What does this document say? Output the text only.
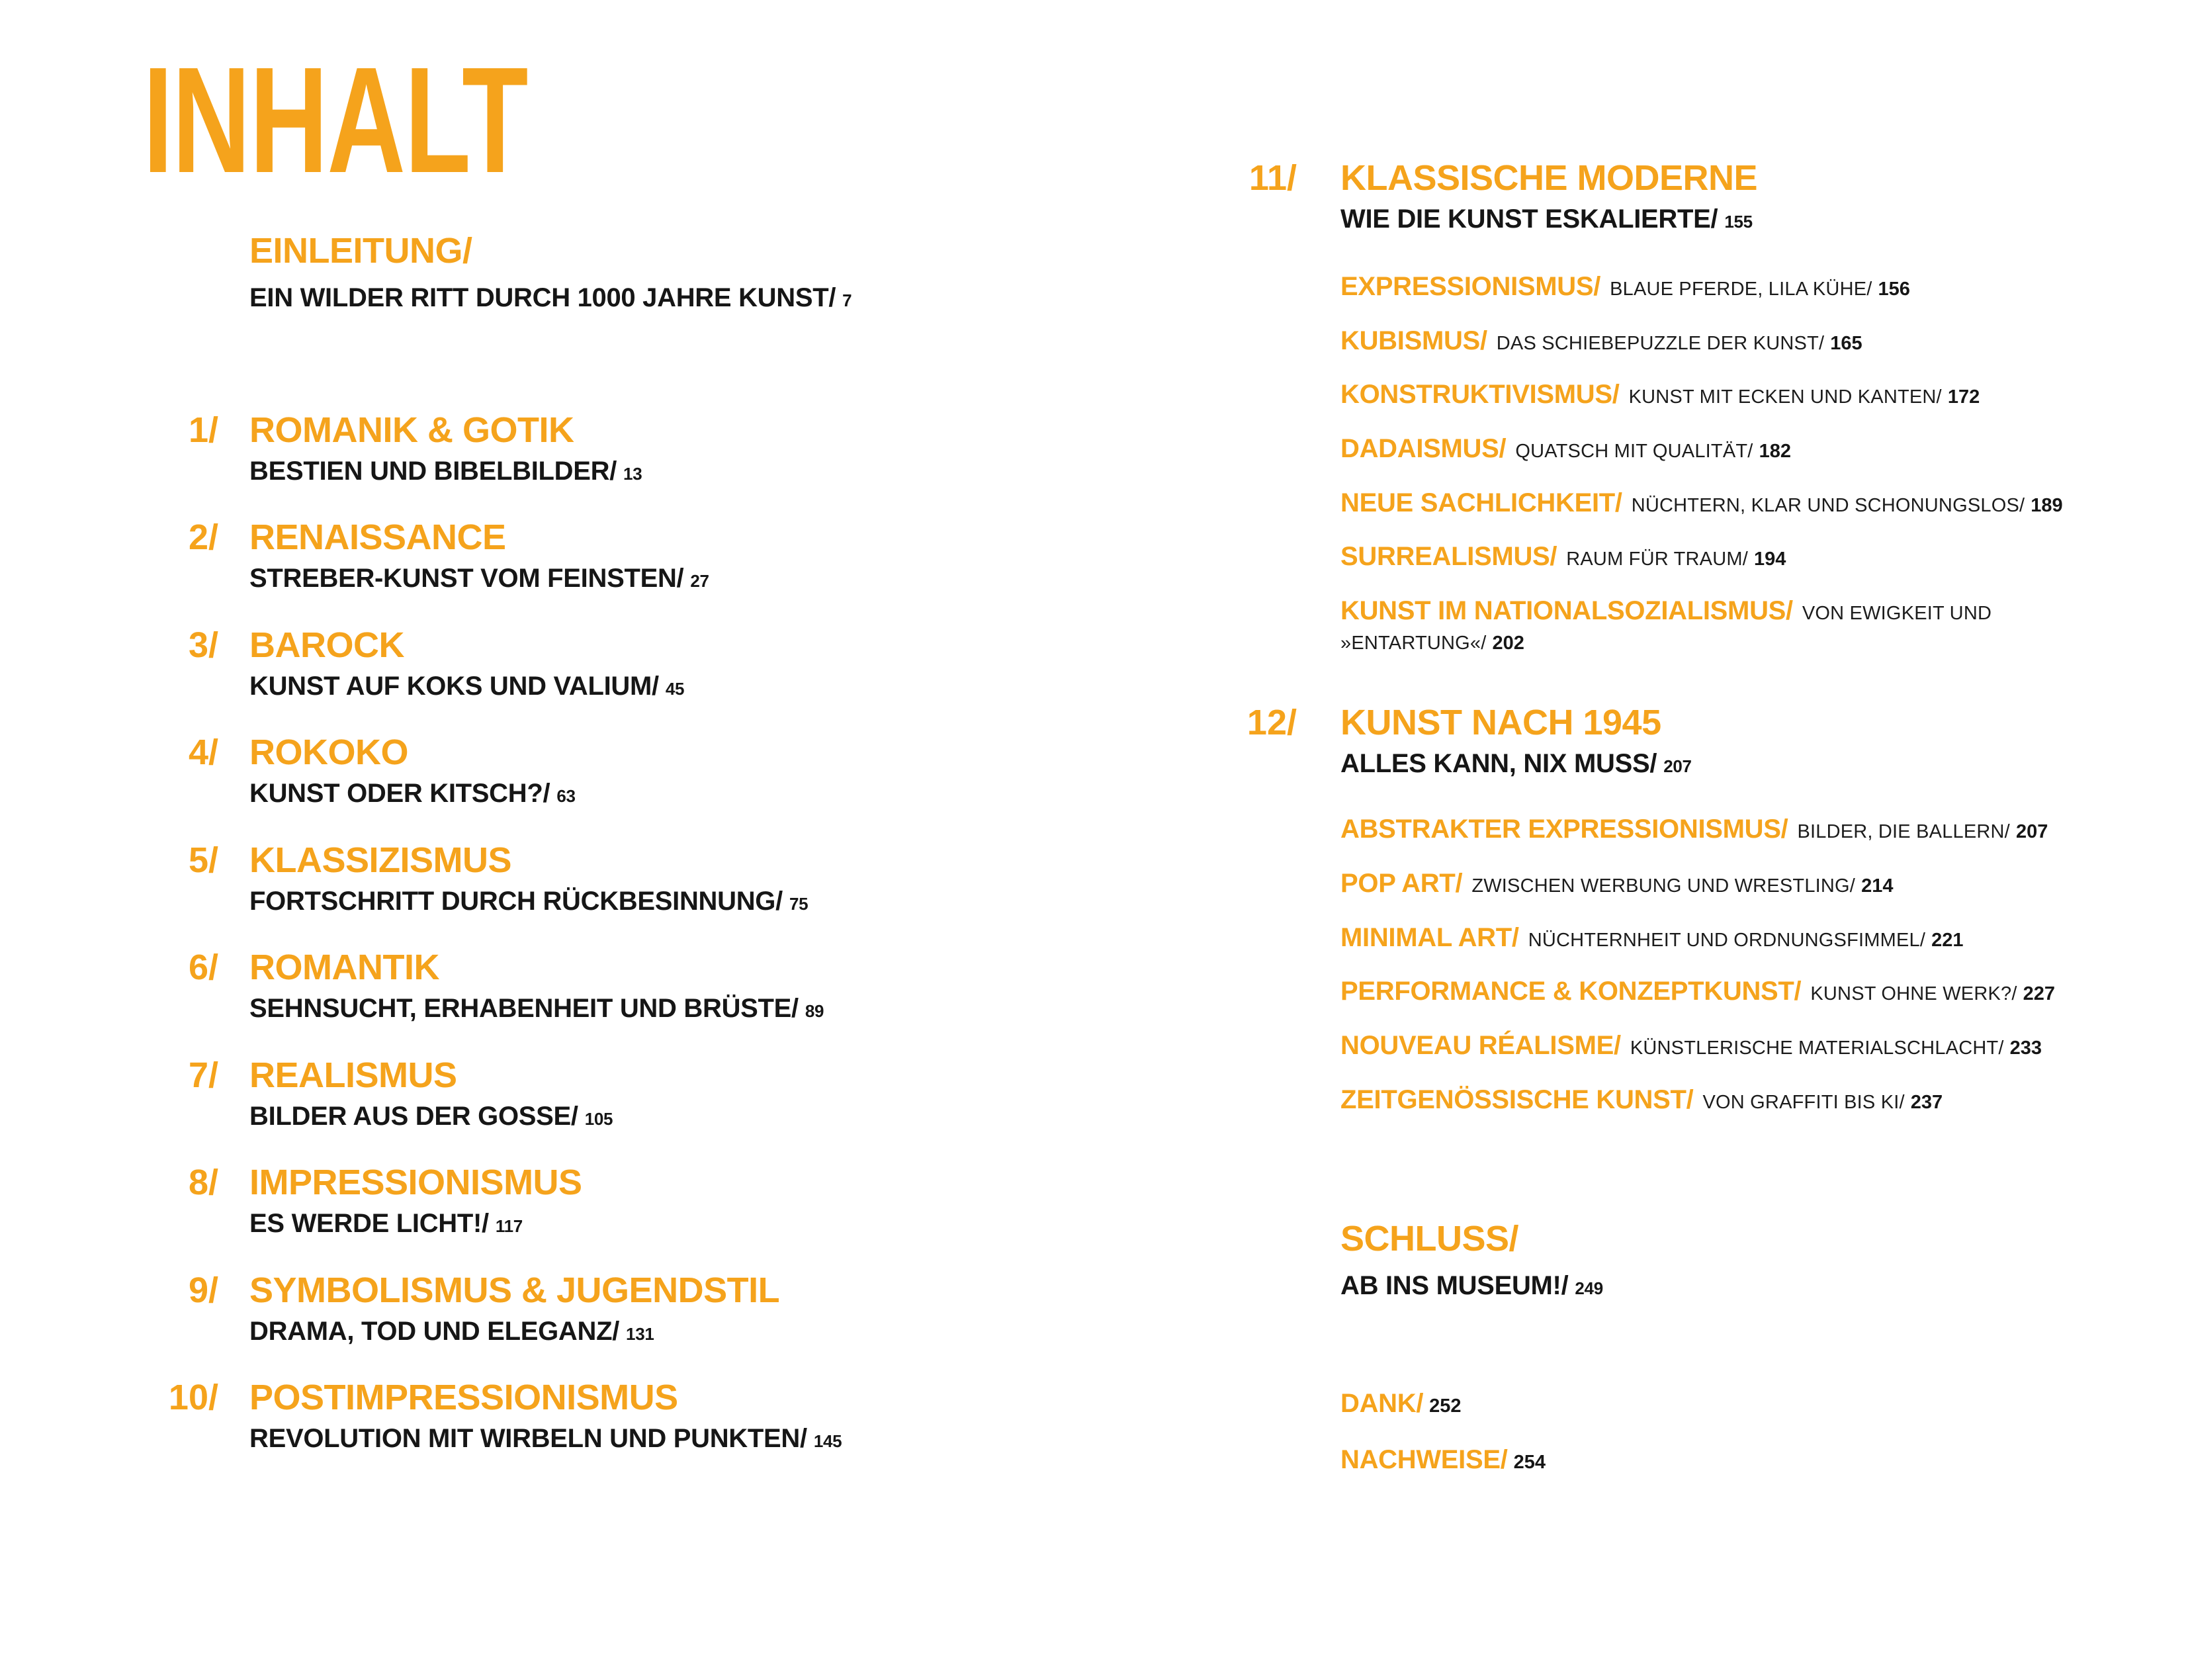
INHALT
EINLEITUNG/
EIN WILDER RITT DURCH 1000 JAHRE KUNST/ 7
1/ ROMANIK & GOTIK
BESTIEN UND BIBELBILDER/ 13
2/ RENAISSANCE
STREBER-KUNST VOM FEINSTEN/ 27
3/ BAROCK
KUNST AUF KOKS UND VALIUM/ 45
4/ ROKOKO
KUNST ODER KITSCH?/ 63
5/ KLASSIZISMUS
FORTSCHRITT DURCH RÜCKBESINNUNG/ 75
6/ ROMANTIK
SEHNSUCHT, ERHABENHEIT UND BRÜSTE/ 89
7/ REALISMUS
BILDER AUS DER GOSSE/ 105
8/ IMPRESSIONISMUS
ES WERDE LICHT!/ 117
9/ SYMBOLISMUS & JUGENDSTIL
DRAMA, TOD UND ELEGANZ/ 131
10/ POSTIMPRESSIONISMUS
REVOLUTION MIT WIRBELN UND PUNKTEN/ 145
11/ KLASSISCHE MODERNE
WIE DIE KUNST ESKALIERTE/ 155
EXPRESSIONISMUS/ BLAUE PFERDE, LILA KÜHE/ 156
KUBISMUS/ DAS SCHIEBEPUZZLE DER KUNST/ 165
KONSTRUKTIVISMUS/ KUNST MIT ECKEN UND KANTEN/ 172
DADAISMUS/ QUATSCH MIT QUALITÄT/ 182
NEUE SACHLICHKEIT/ NÜCHTERN, KLAR UND SCHONUNGSLOS/ 189
SURREALISMUS/ RAUM FÜR TRAUM/ 194
KUNST IM NATIONALSOZIALISMUS/ VON EWIGKEIT UND
»ENTARTUNG«/ 202
12/ KUNST NACH 1945
ALLES KANN, NIX MUSS/ 207
ABSTRAKTER EXPRESSIONISMUS/ BILDER, DIE BALLERN/ 207
POP ART/ ZWISCHEN WERBUNG UND WRESTLING/ 214
MINIMAL ART/ NÜCHTERNHEIT UND ORDNUNGSFIMMEL/ 221
PERFORMANCE & KONZEPTKUNST/ KUNST OHNE WERK?/ 227
NOUVEAU RÉALISME/ KÜNSTLERISCHE MATERIALSCHLACHT/ 233
ZEITGENÖSSISCHE KUNST/ VON GRAFFITI BIS KI/ 237
SCHLUSS/
AB INS MUSEUM!/ 249
DANK/ 252
NACHWEISE/ 254
